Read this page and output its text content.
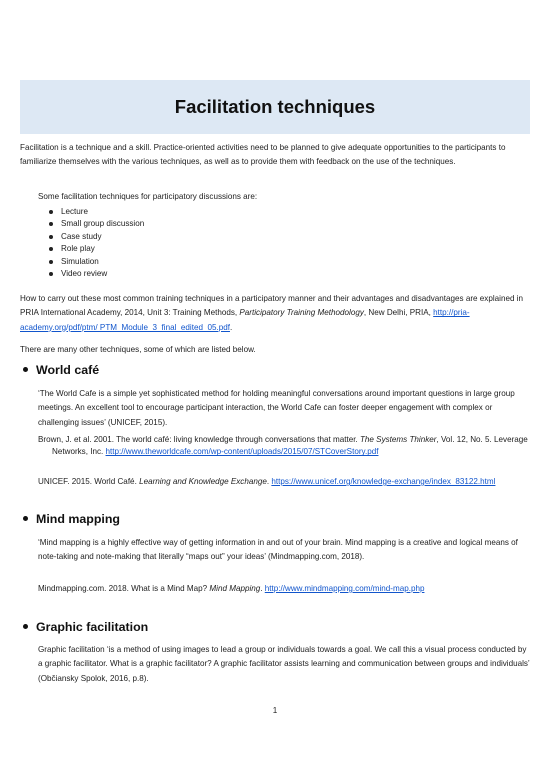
Facilitation techniques
Facilitation is a technique and a skill. Practice-oriented activities need to be planned to give adequate opportunities to the participants to familiarize themselves with the various techniques, as well as to provide them with feedback on the use of the techniques.
Some facilitation techniques for participatory discussions are:
Lecture
Small group discussion
Case study
Role play
Simulation
Video review
How to carry out these most common training techniques in a participatory manner and their advantages and disadvantages are explained in PRIA International Academy, 2014, Unit 3: Training Methods, Participatory Training Methodology, New Delhi, PRIA, http://pria-academy.org/pdf/ptm/ PTM_Module_3_final_edited_05.pdf.
There are many other techniques, some of which are listed below.
World café
‘The World Cafe is a simple yet sophisticated method for holding meaningful conversations around important questions in large group meetings. An excellent tool to encourage participant interaction, the World Cafe can foster deeper engagement with complex or challenging issues’ (UNICEF, 2015).
Brown, J. et al. 2001. The world café: living knowledge through conversations that matter. The Systems Thinker, Vol. 12, No. 5. Leverage Networks, Inc. http://www.theworldcafe.com/wp-content/uploads/2015/07/STCoverStory.pdf
UNICEF. 2015. World Café. Learning and Knowledge Exchange. https://www.unicef.org/knowledge-exchange/index_83122.html
Mind mapping
‘Mind mapping is a highly effective way of getting information in and out of your brain. Mind mapping is a creative and logical means of note-taking and note-making that literally “maps out” your ideas’ (Mindmapping.com, 2018).
Mindmapping.com. 2018. What is a Mind Map? Mind Mapping. http://www.mindmapping.com/mind-map.php
Graphic facilitation
Graphic facilitation ‘is a method of using images to lead a group or individuals towards a goal. We call this a visual process conducted by a graphic facilitator. What is a graphic facilitator? A graphic facilitator assists learning and communication between groups and individuals’ (Občiansky Spolok, 2016, p.8).
1
